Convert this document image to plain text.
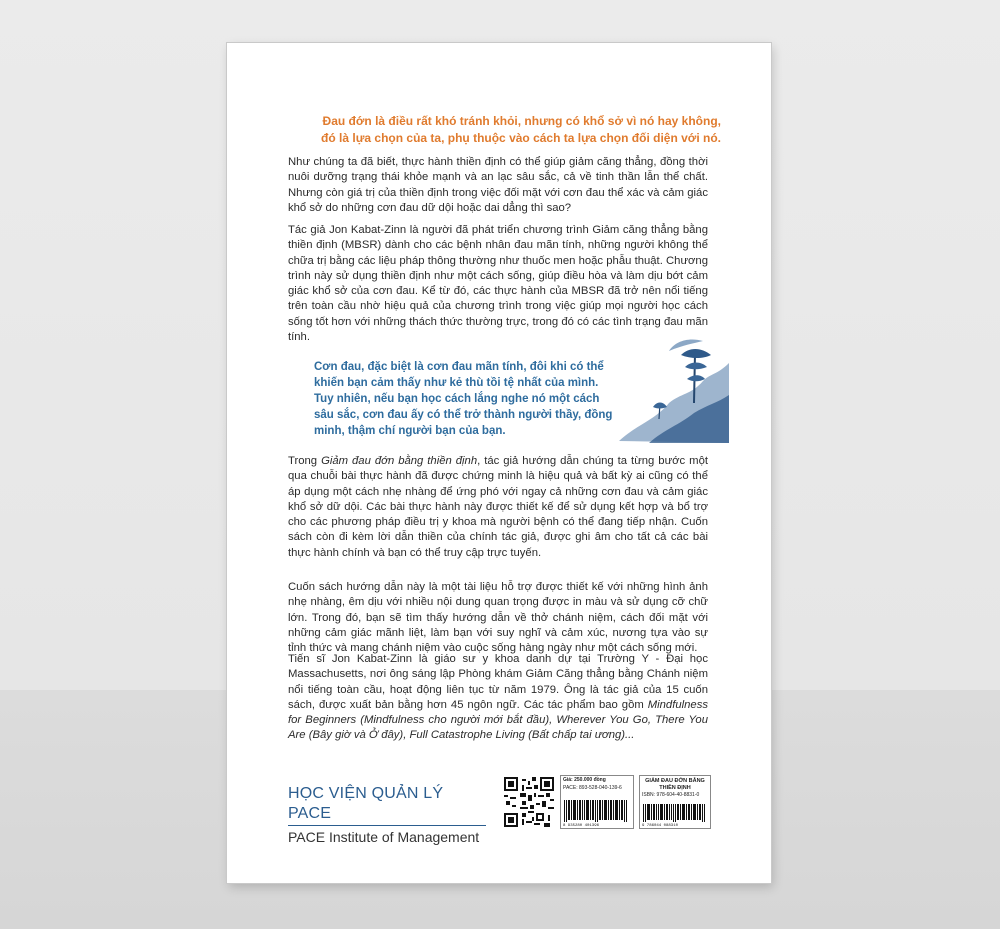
Đau đớn là điều rất khó tránh khỏi, nhưng có khổ sở vì nó hay không, đó là lựa chọn của ta, phụ thuộc vào cách ta lựa chọn đối diện với nó.

Như chúng ta đã biết, thực hành thiền định có thể giúp giảm căng thẳng, đồng thời nuôi dưỡng trạng thái khỏe mạnh và an lạc sâu sắc, cả về tinh thần lẫn thể chất. Nhưng còn giá trị của thiền định trong việc đối mặt với cơn đau thể xác và cảm giác khổ sở do những cơn đau dữ dội hoặc dai dẳng thì sao?

Tác giả Jon Kabat-Zinn là người đã phát triển chương trình Giảm căng thẳng bằng thiền định (MBSR) dành cho các bệnh nhân đau mãn tính, những người không thể chữa trị bằng các liệu pháp thông thường như thuốc men hoặc phẫu thuật. Chương trình này sử dụng thiền định như một cách sống, giúp điều hòa và làm dịu bớt cảm giác khổ sở của cơn đau. Kể từ đó, các thực hành của MBSR đã trở nên nổi tiếng trên toàn cầu nhờ hiệu quả của chương trình trong việc giúp mọi người học cách sống tốt hơn với những thách thức thường trực, trong đó có các tình trạng đau mãn tính.

Cơn đau, đặc biệt là cơn đau mãn tính, đôi khi có thể khiến bạn cảm thấy như kẻ thù tồi tệ nhất của mình. Tuy nhiên, nếu bạn học cách lắng nghe nó một cách sâu sắc, cơn đau ấy có thể trở thành người thầy, đồng minh, thậm chí người bạn của bạn.

Trong Giảm đau đớn bằng thiền định, tác giả hướng dẫn chúng ta từng bước một qua chuỗi bài thực hành đã được chứng minh là hiệu quả và bất kỳ ai cũng có thể áp dụng một cách nhẹ nhàng để ứng phó với ngay cả những cơn đau và cảm giác khổ sở dữ dội. Các bài thực hành này được thiết kế để sử dụng kết hợp và bổ trợ cho các phương pháp điều trị y khoa mà người bệnh có thể đang tiếp nhận. Cuốn sách còn đi kèm lời dẫn thiền của chính tác giả, được ghi âm cho tất cả các bài thực hành chính và bạn có thể truy cập trực tuyến.

Cuốn sách hướng dẫn này là một tài liệu hỗ trợ được thiết kế với những hình ảnh nhẹ nhàng, êm dịu với nhiều nội dung quan trọng được in màu và sử dụng cỡ chữ lớn. Trong đó, bạn sẽ tìm thấy hướng dẫn về thở chánh niệm, cách đối mặt với những cảm giác mãnh liệt, làm bạn với suy nghĩ và cảm xúc, nương tựa vào sự tỉnh thức và mang chánh niệm vào cuộc sống hàng ngày như một cách sống mới.

Tiến sĩ Jon Kabat-Zinn là giáo sư y khoa danh dự tại Trường Y - Đại học Massachusetts, nơi ông sáng lập Phòng khám Giảm Căng thẳng bằng Chánh niệm nổi tiếng toàn cầu, hoạt động liên tục từ năm 1979. Ông là tác giả của 15 cuốn sách, được xuất bản bằng hơn 45 ngôn ngữ. Các tác phẩm bao gồm Mindfulness for Beginners (Mindfulness cho người mới bắt đầu), Wherever You Go, There You Are (Bây giờ và Ở đây), Full Catastrophe Living (Bất chấp tai ương)...

HỌC VIỆN QUẢN LÝ PACE
PACE Institute of Management
Giá: 250.000 đồng
PACE: 893-528-040-139-6
8 935280 401396
GIẢM ĐAU ĐỚN BẰNG THIỀN ĐỊNH
ISBN: 978-604-40-8831-0
9 786044 088310
